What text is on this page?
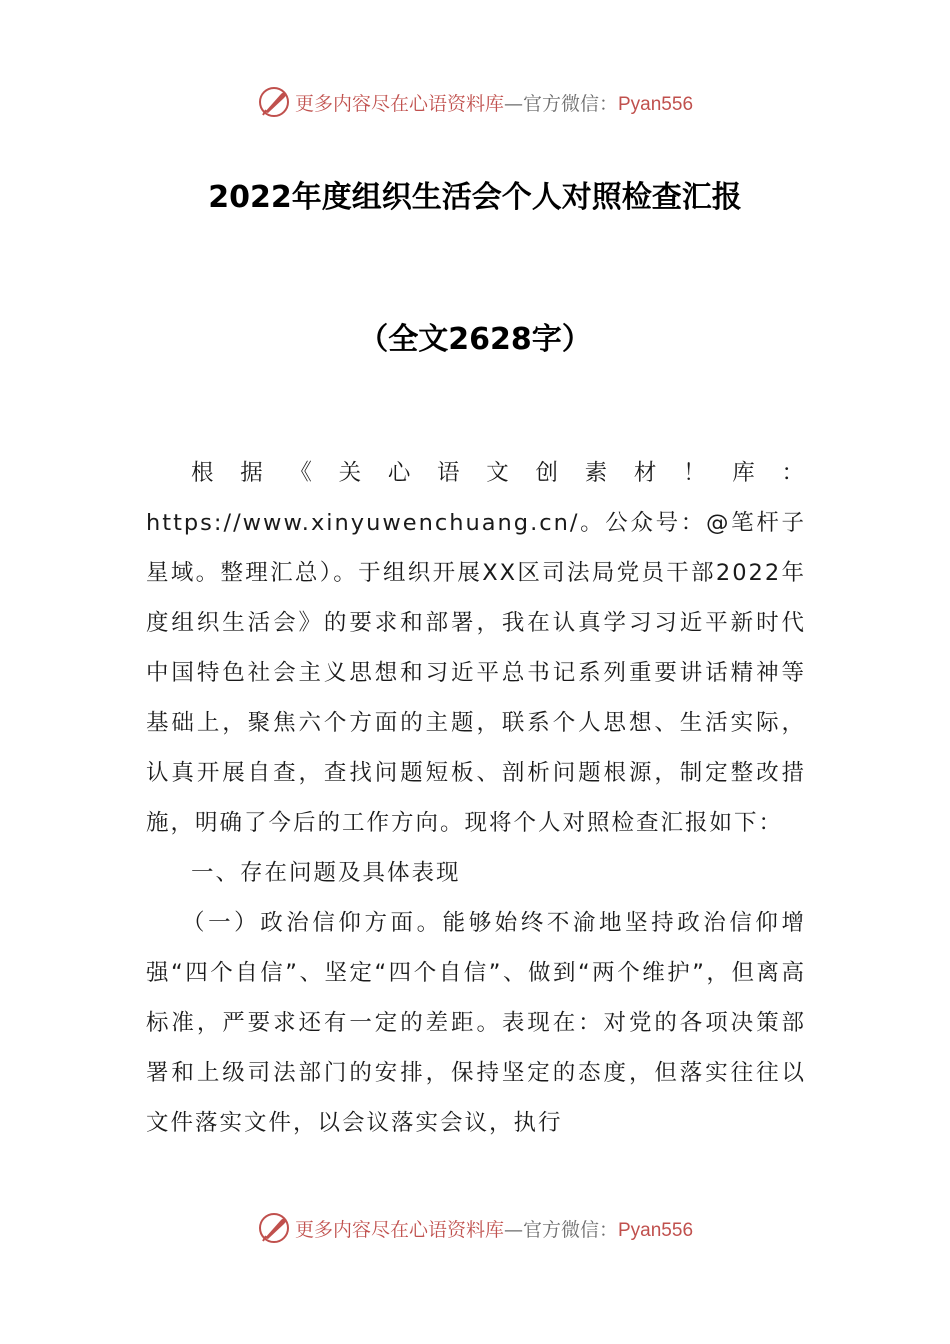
更多内容尽在心语资料库—官方微信：Pyan556
2022年度组织生活会个人对照检查汇报
（全文2628字）

根据《关心语文创素材！库：https://www.xinyuwenchuang.cn/。公众号：@笔杆子星域。整理汇总）。于组织开展XX区司法局党员干部2022年度组织生活会》的要求和部署，我在认真学习习近平新时代中国特色社会主义思想和习近平总书记系列重要讲话精神等基础上，聚焦六个方面的主题，联系个人思想、生活实际，认真开展自查，查找问题短板、剖析问题根源，制定整改措施，明确了今后的工作方向。现将个人对照检查汇报如下：

一、存在问题及具体表现

（一）政治信仰方面。能够始终不渝地坚持政治信仰增强“四个自信”、坚定“四个自信”、做到“两个维护”，但离高标准，严要求还有一定的差距。表现在：对党的各项决策部署和上级司法部门的安排，保持坚定的态度，但落实往往以文件落实文件，以会议落实会议，执行

更多内容尽在心语资料库—官方微信：Pyan556
